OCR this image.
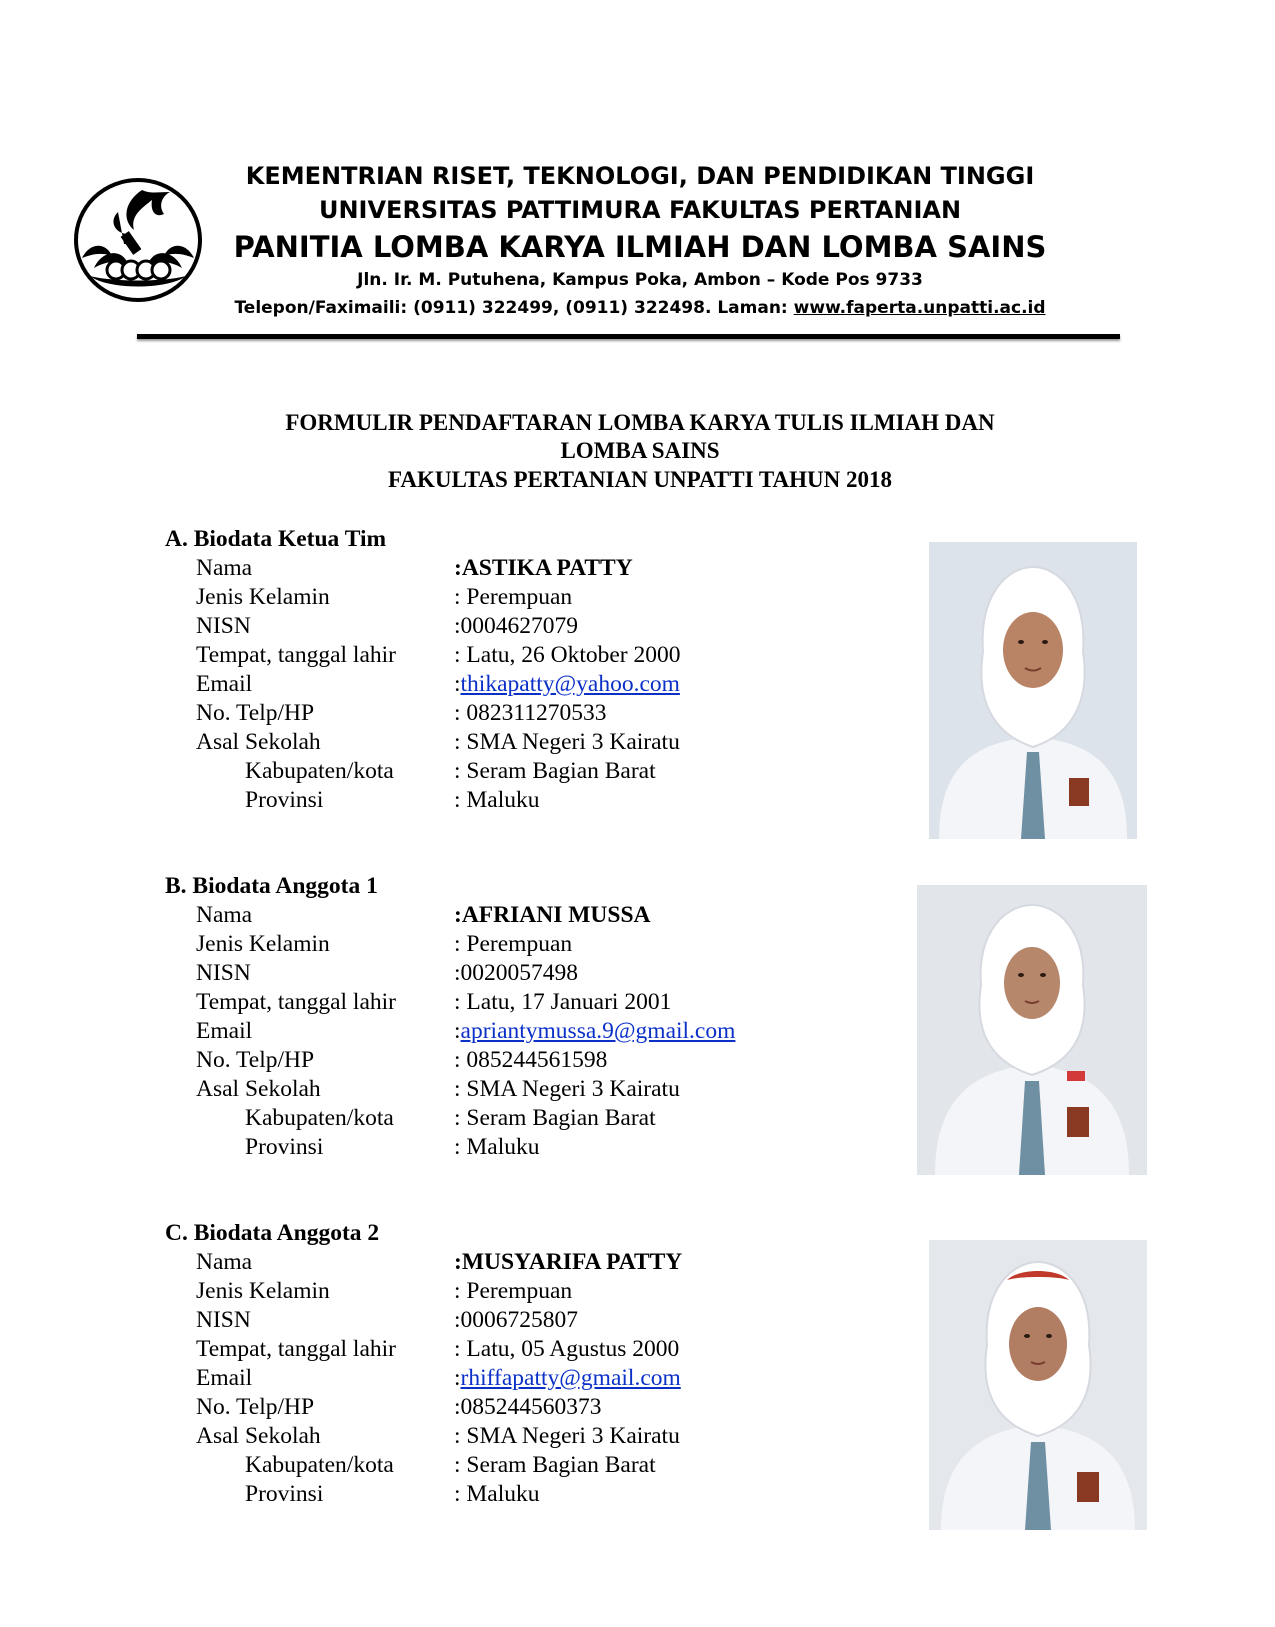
KEMENTRIAN RISET, TEKNOLOGI, DAN PENDIDIKAN TINGGI
UNIVERSITAS PATTIMURA FAKULTAS PERTANIAN
PANITIA LOMBA KARYA ILMIAH DAN LOMBA SAINS
Jln. Ir. M. Putuhena, Kampus Poka, Ambon – Kode Pos 9733
Telepon/Faximaili: (0911) 322499, (0911) 322498. Laman: www.faperta.unpatti.ac.id
FORMULIR PENDAFTARAN LOMBA KARYA TULIS ILMIAH DAN
LOMBA SAINS
FAKULTAS PERTANIAN UNPATTI TAHUN 2018
A. Biodata Ketua Tim
Nama	:ASTIKA PATTY
Jenis Kelamin	: Perempuan
NISN	:0004627079
Tempat, tanggal lahir : Latu, 26 Oktober 2000
Email	:thikapatty@yahoo.com
No. Telp/HP	: 082311270533
Asal Sekolah	: SMA Negeri 3 Kairatu
Kabupaten/kota	: Seram Bagian Barat
Provinsi	: Maluku
B. Biodata Anggota 1
Nama	:AFRIANI MUSSA
Jenis Kelamin	: Perempuan
NISN	:0020057498
Tempat, tanggal lahir : Latu, 17 Januari 2001
Email	:apriantymussa.9@gmail.com
No. Telp/HP	: 085244561598
Asal Sekolah	: SMA Negeri 3 Kairatu
Kabupaten/kota	: Seram Bagian Barat
Provinsi	: Maluku
C. Biodata Anggota 2
Nama	:MUSYARIFA PATTY
Jenis Kelamin	: Perempuan
NISN	:0006725807
Tempat, tanggal lahir : Latu, 05 Agustus 2000
Email	:rhiffapatty@gmail.com
No. Telp/HP	:085244560373
Asal Sekolah	: SMA Negeri 3 Kairatu
Kabupaten/kota	: Seram Bagian Barat
Provinsi	: Maluku
